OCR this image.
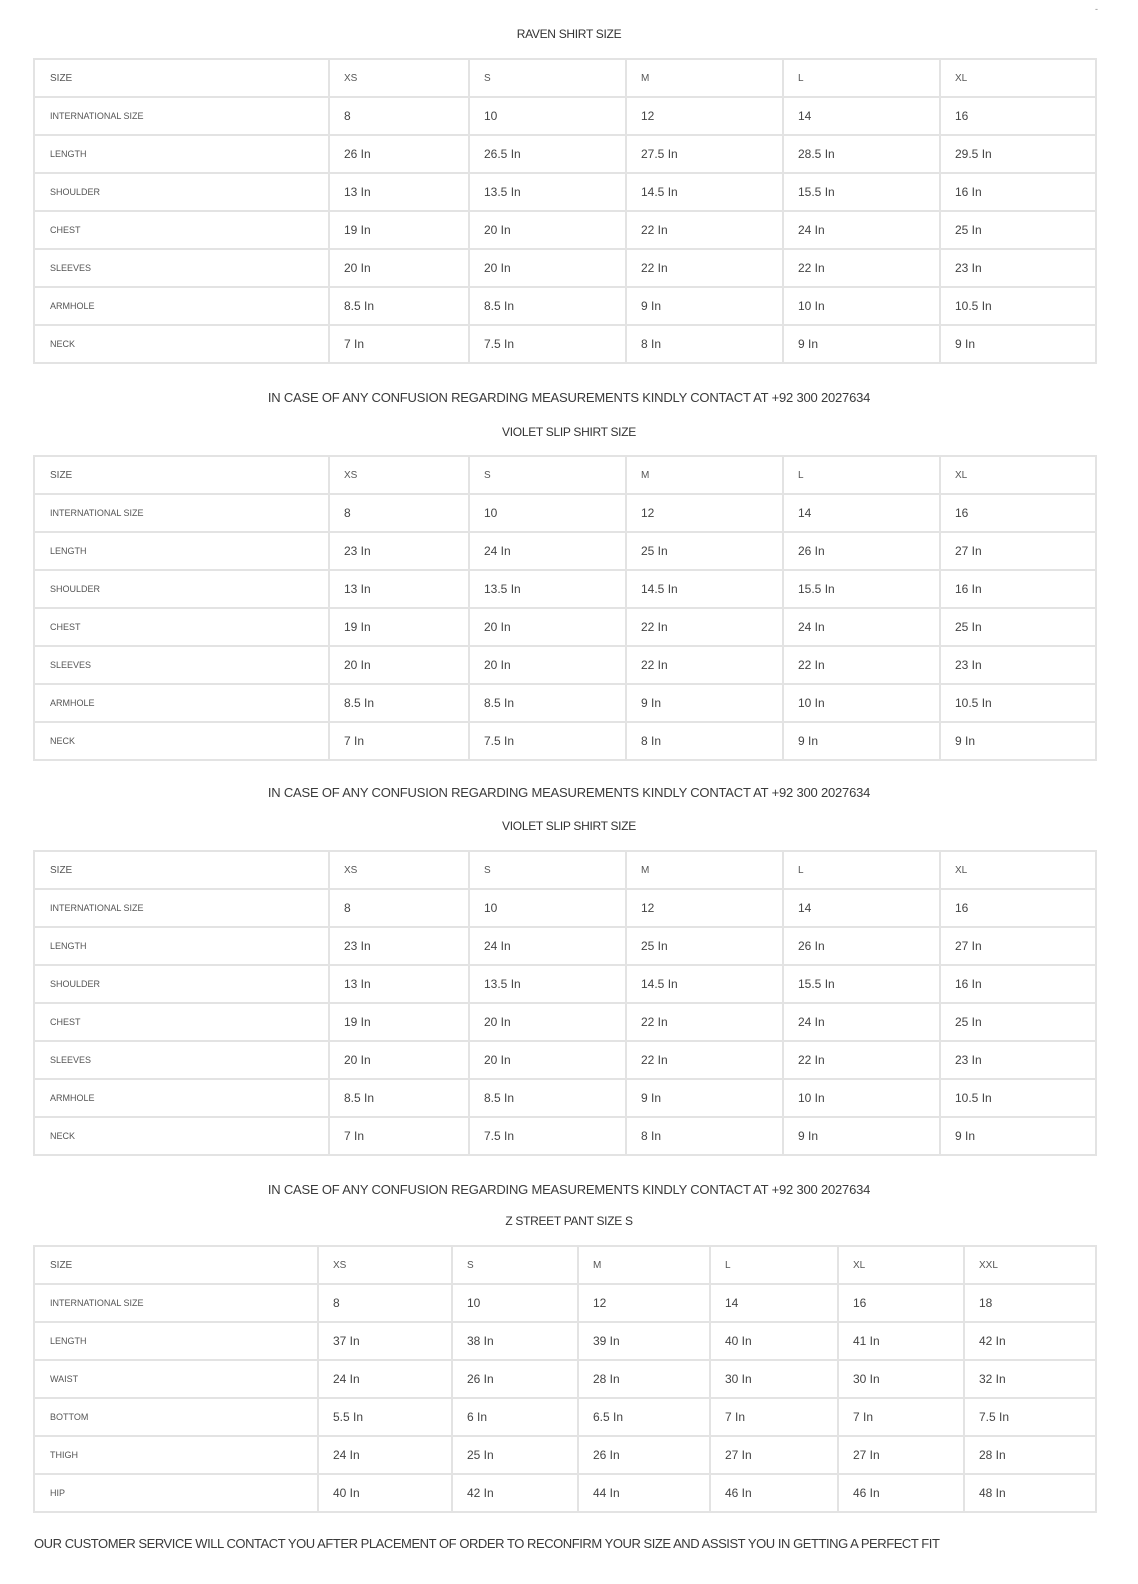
-
RAVEN SHIRT SIZE
SIZE	XS	S	M	L	XL
INTERNATIONAL SIZE	8	10	12	14	16
LENGTH	26 In	26.5 In	27.5 In	28.5 In	29.5 In
SHOULDER	13 In	13.5 In	14.5 In	15.5 In	16 In
CHEST	19 In	20 In	22 In	24 In	25 In
SLEEVES	20 In	20 In	22 In	22 In	23 In
ARMHOLE	8.5 In	8.5 In	9 In	10 In	10.5 In
NECK	7 In	7.5 In	8 In	9 In	9 In
IN CASE OF ANY CONFUSION REGARDING MEASUREMENTS KINDLY CONTACT AT +92 300 2027634
VIOLET SLIP SHIRT SIZE
SIZE	XS	S	M	L	XL
INTERNATIONAL SIZE	8	10	12	14	16
LENGTH	23 In	24 In	25 In	26 In	27 In
SHOULDER	13 In	13.5 In	14.5 In	15.5 In	16 In
CHEST	19 In	20 In	22 In	24 In	25 In
SLEEVES	20 In	20 In	22 In	22 In	23 In
ARMHOLE	8.5 In	8.5 In	9 In	10 In	10.5 In
NECK	7 In	7.5 In	8 In	9 In	9 In
IN CASE OF ANY CONFUSION REGARDING MEASUREMENTS KINDLY CONTACT AT +92 300 2027634
VIOLET SLIP SHIRT SIZE
SIZE	XS	S	M	L	XL
INTERNATIONAL SIZE	8	10	12	14	16
LENGTH	23 In	24 In	25 In	26 In	27 In
SHOULDER	13 In	13.5 In	14.5 In	15.5 In	16 In
CHEST	19 In	20 In	22 In	24 In	25 In
SLEEVES	20 In	20 In	22 In	22 In	23 In
ARMHOLE	8.5 In	8.5 In	9 In	10 In	10.5 In
NECK	7 In	7.5 In	8 In	9 In	9 In
IN CASE OF ANY CONFUSION REGARDING MEASUREMENTS KINDLY CONTACT AT +92 300 2027634
Z STREET PANT SIZE S
SIZE	XS	S	M	L	XL	XXL
INTERNATIONAL SIZE	8	10	12	14	16	18
LENGTH	37 In	38 In	39 In	40 In	41 In	42 In
WAIST	24 In	26 In	28 In	30 In	30 In	32 In
BOTTOM	5.5 In	6 In	6.5 In	7 In	7 In	7.5 In
THIGH	24 In	25 In	26 In	27 In	27 In	28 In
HIP	40 In	42 In	44 In	46 In	46 In	48 In
OUR CUSTOMER SERVICE WILL CONTACT YOU AFTER PLACEMENT OF ORDER TO RECONFIRM YOUR SIZE AND ASSIST YOU IN GETTING A PERFECT FIT
